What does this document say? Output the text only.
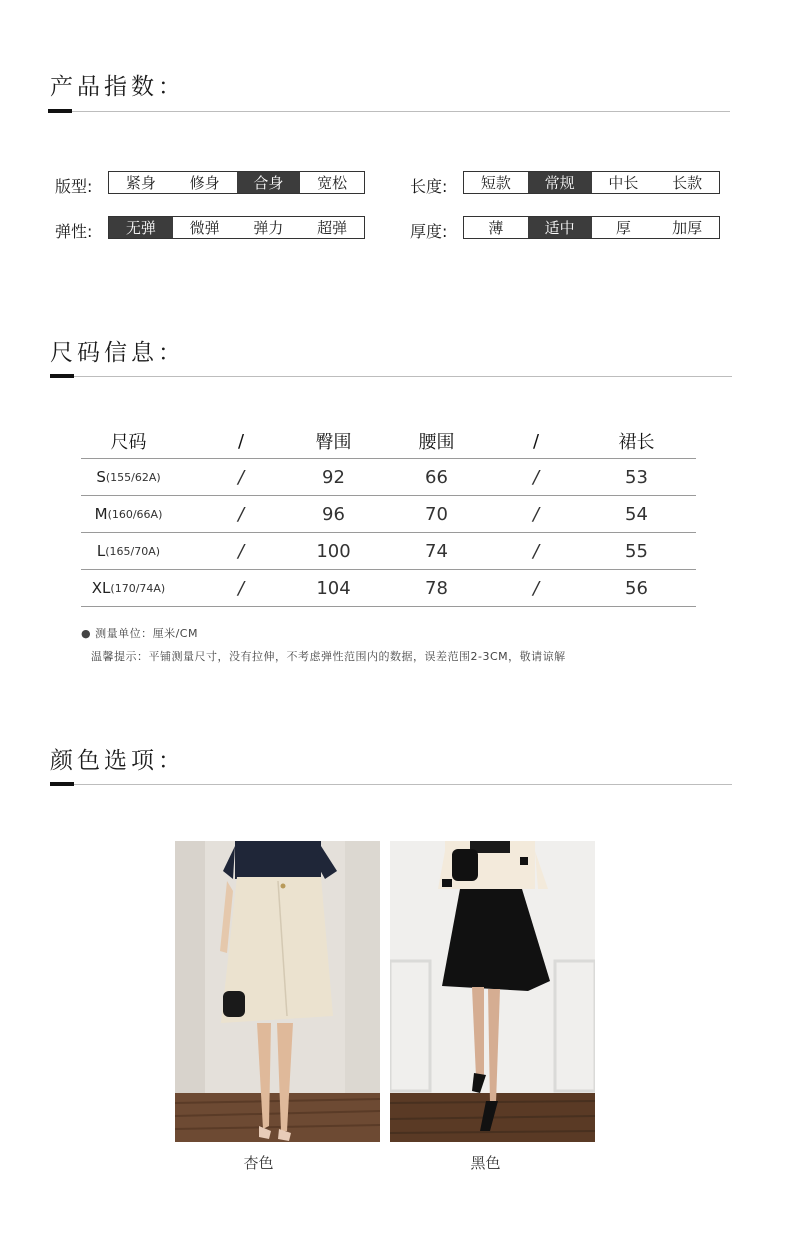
产品指数：
版型:	紧身	修身	合身	宽松	长度:	短款	常规	中长	长款
弹性:	无弹	微弹	弹力	超弹	厚度:	薄	适中	厚	加厚
尺码信息：
尺码	/	臀围	腰围	/	裙长
S (155/62A)	/	92	66	/	53
M (160/66A)	/	96	70	/	54
L (165/70A)	/	100	74	/	55
XL (170/74A)	/	104	78	/	56
● 测量单位：厘米/CM
温馨提示：平铺测量尺寸，没有拉伸，不考虑弹性范围内的数据，误差范围2-3CM，敬请谅解
颜色选项：
杏色	黑色
